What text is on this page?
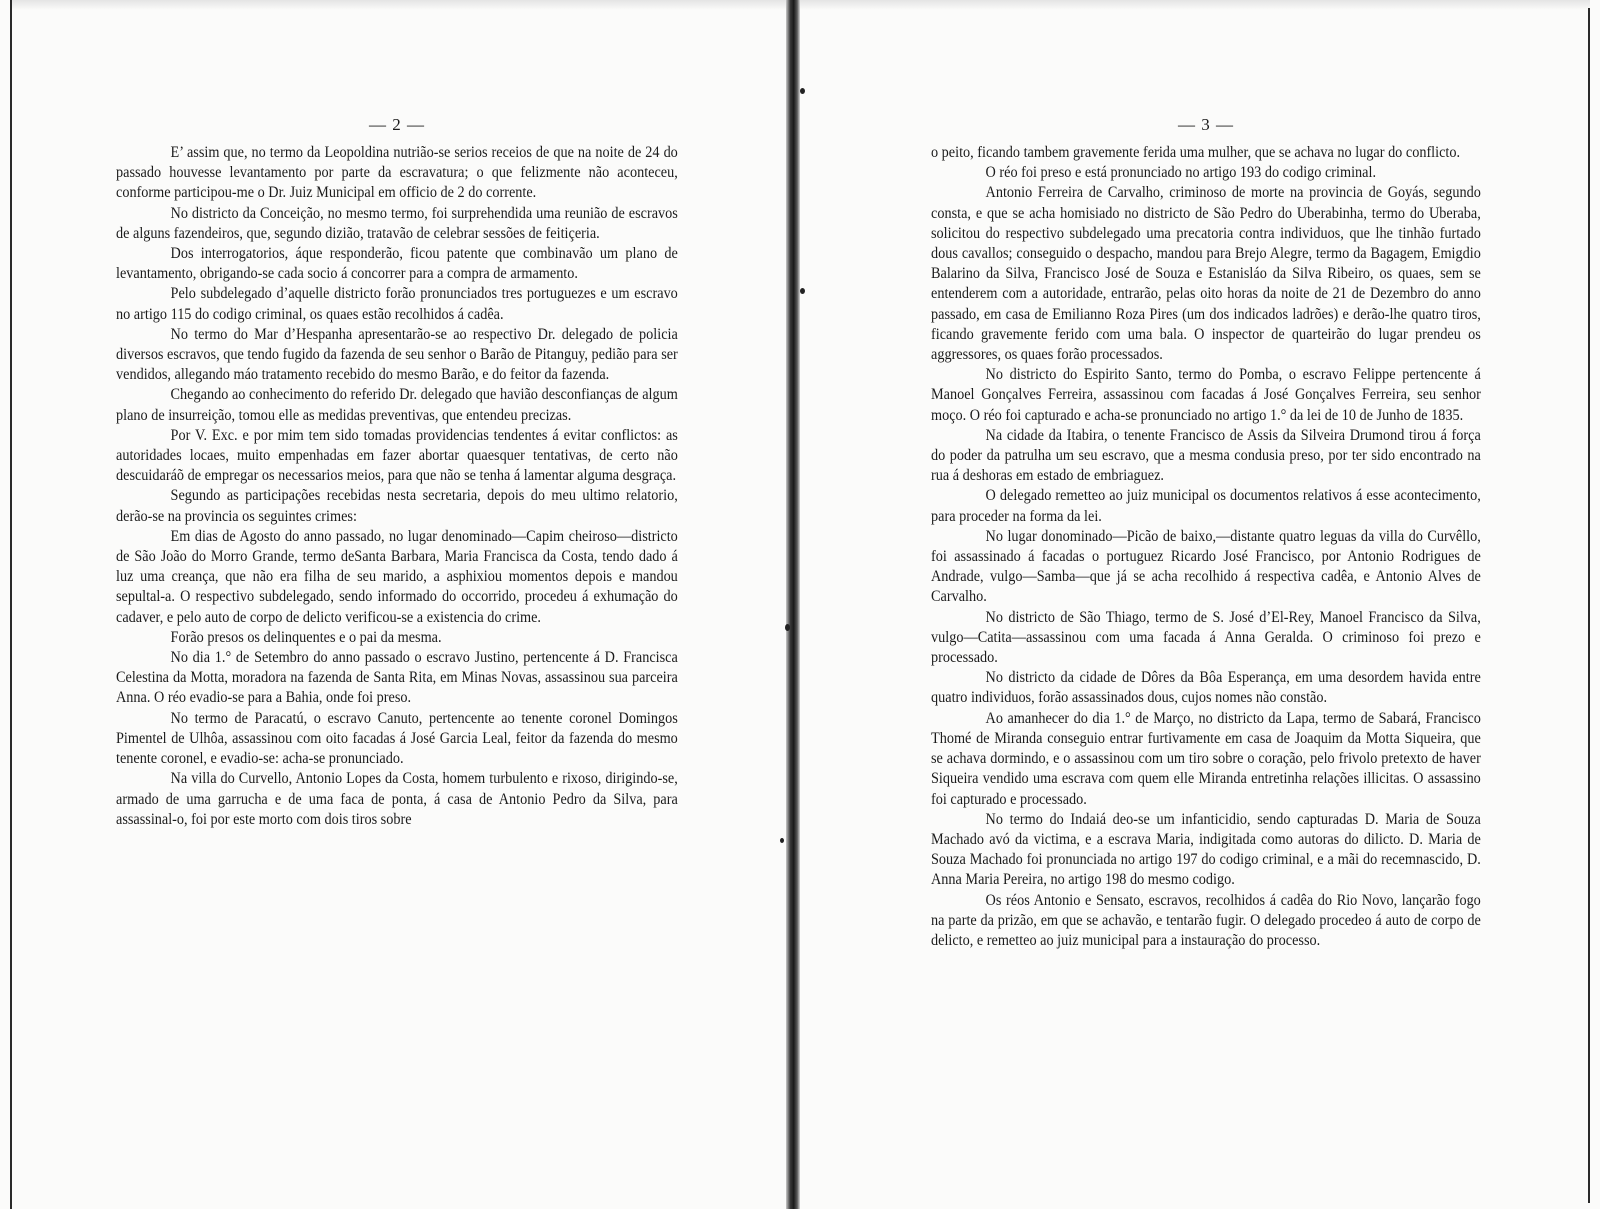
— 2 —

E’ assim que, no termo da Leopoldina nutrião-se serios receios de que na noite de 24 do passado houvesse levantamento por parte da escravatura; o que felizmente não aconteceu, conforme participou-me o Dr. Juiz Municipal em officio de 2 do corrente.

No districto da Conceição, no mesmo termo, foi surprehendida uma reunião de escravos de alguns fazendeiros, que, segundo dizião, tratavão de celebrar sessões de feitiçeria.

Dos interrogatorios, áque responderão, ficou patente que combinavão um plano de levantamento, obrigando-se cada socio á concorrer para a compra de armamento.

Pelo subdelegado d’aquelle districto forão pronunciados tres portuguezes e um escravo no artigo 115 do codigo criminal, os quaes estão recolhidos á cadêa.

No termo do Mar d’Hespanha apresentarão-se ao respectivo Dr. delegado de policia diversos escravos, que tendo fugido da fazenda de seu senhor o Barão de Pitanguy, pedião para ser vendidos, allegando máo tratamento recebido do mesmo Barão, e do feitor da fazenda.

Chegando ao conhecimento do referido Dr. delegado que havião desconfianças de algum plano de insurreição, tomou elle as medidas preventivas, que entendeu precizas.

Por V. Exc. e por mim tem sido tomadas providencias tendentes á evitar conflictos: as autoridades locaes, muito empenhadas em fazer abortar quaesquer tentativas, de certo não descuidaráõ de empregar os necessarios meios, para que não se tenha á lamentar alguma desgraça.

Segundo as participações recebidas nesta secretaria, depois do meu ultimo relatorio, derão-se na provincia os seguintes crimes:

Em dias de Agosto do anno passado, no lugar denominado—Capim cheiroso—districto de São João do Morro Grande, termo deSanta Barbara, Maria Francisca da Costa, tendo dado á luz uma creança, que não era filha de seu marido, a asphixiou momentos depois e mandou sepultal-a. O respectivo subdelegado, sendo informado do occorrido, procedeu á exhumação do cadaver, e pelo auto de corpo de delicto verificou-se a existencia do crime.

Forão presos os delinquentes e o pai da mesma.

No dia 1.° de Setembro do anno passado o escravo Justino, pertencente á D. Francisca Celestina da Motta, moradora na fazenda de Santa Rita, em Minas Novas, assassinou sua parceira Anna. O réo evadio-se para a Bahia, onde foi preso.

No termo de Paracatú, o escravo Canuto, pertencente ao tenente coronel Domingos Pimentel de Ulhôa, assassinou com oito facadas á José Garcia Leal, feitor da fazenda do mesmo tenente coronel, e evadio-se: acha-se pronunciado.

Na villa do Curvello, Antonio Lopes da Costa, homem turbulento e rixoso, dirigindo-se, armado de uma garrucha e de uma faca de ponta, á casa de Antonio Pedro da Silva, para assassinal-o, foi por este morto com dois tiros sobre

— 3 —

o peito, ficando tambem gravemente ferida uma mulher, que se achava no lugar do conflicto.

O réo foi preso e está pronunciado no artigo 193 do codigo criminal.

Antonio Ferreira de Carvalho, criminoso de morte na provincia de Goyás, segundo consta, e que se acha homisiado no districto de São Pedro do Uberabinha, termo do Uberaba, solicitou do respectivo subdelegado uma precatoria contra individuos, que lhe tinhão furtado dous cavallos; conseguido o despacho, mandou para Brejo Alegre, termo da Bagagem, Emigdio Balarino da Silva, Francisco José de Souza e Estanisláo da Silva Ribeiro, os quaes, sem se entenderem com a autoridade, entrarão, pelas oito horas da noite de 21 de Dezembro do anno passado, em casa de Emilianno Roza Pires (um dos indicados ladrões) e derão-lhe quatro tiros, ficando gravemente ferido com uma bala. O inspector de quarteirão do lugar prendeu os aggressores, os quaes forão processados.

No districto do Espirito Santo, termo do Pomba, o escravo Felippe pertencente á Manoel Gonçalves Ferreira, assassinou com facadas á José Gonçalves Ferreira, seu senhor moço. O réo foi capturado e acha-se pronunciado no artigo 1.° da lei de 10 de Junho de 1835.

Na cidade da Itabira, o tenente Francisco de Assis da Silveira Drumond tirou á força do poder da patrulha um seu escravo, que a mesma condusia preso, por ter sido encontrado na rua á deshoras em estado de embriaguez.

O delegado remetteo ao juiz municipal os documentos relativos á esse acontecimento, para proceder na forma da lei.

No lugar donominado—Picão de baixo,—distante quatro leguas da villa do Curvêllo, foi assassinado á facadas o portuguez Ricardo José Francisco, por Antonio Rodrigues de Andrade, vulgo—Samba—que já se acha recolhido á respectiva cadêa, e Antonio Alves de Carvalho.

No districto de São Thiago, termo de S. José d’El-Rey, Manoel Francisco da Silva, vulgo—Catita—assassinou com uma facada á Anna Geralda. O criminoso foi prezo e processado.

No districto da cidade de Dôres da Bôa Esperança, em uma desordem havida entre quatro individuos, forão assassinados dous, cujos nomes não constão.

Ao amanhecer do dia 1.° de Março, no districto da Lapa, termo de Sabará, Francisco Thomé de Miranda conseguio entrar furtivamente em casa de Joaquim da Motta Siqueira, que se achava dormindo, e o assassinou com um tiro sobre o coração, pelo frivolo pretexto de haver Siqueira vendido uma escrava com quem elle Miranda entretinha relações illicitas. O assassino foi capturado e processado.

No termo do Indaiá deo-se um infanticidio, sendo capturadas D. Maria de Souza Machado avó da victima, e a escrava Maria, indigitada como autoras do dilicto. D. Maria de Souza Machado foi pronunciada no artigo 197 do codigo criminal, e a mãi do recemnascido, D. Anna Maria Pereira, no artigo 198 do mesmo codigo.

Os réos Antonio e Sensato, escravos, recolhidos á cadêa do Rio Novo, lançarão fogo na parte da prizão, em que se achavão, e tentarão fugir. O delegado procedeo á auto de corpo de delicto, e remetteo ao juiz municipal para a instauração do processo.
